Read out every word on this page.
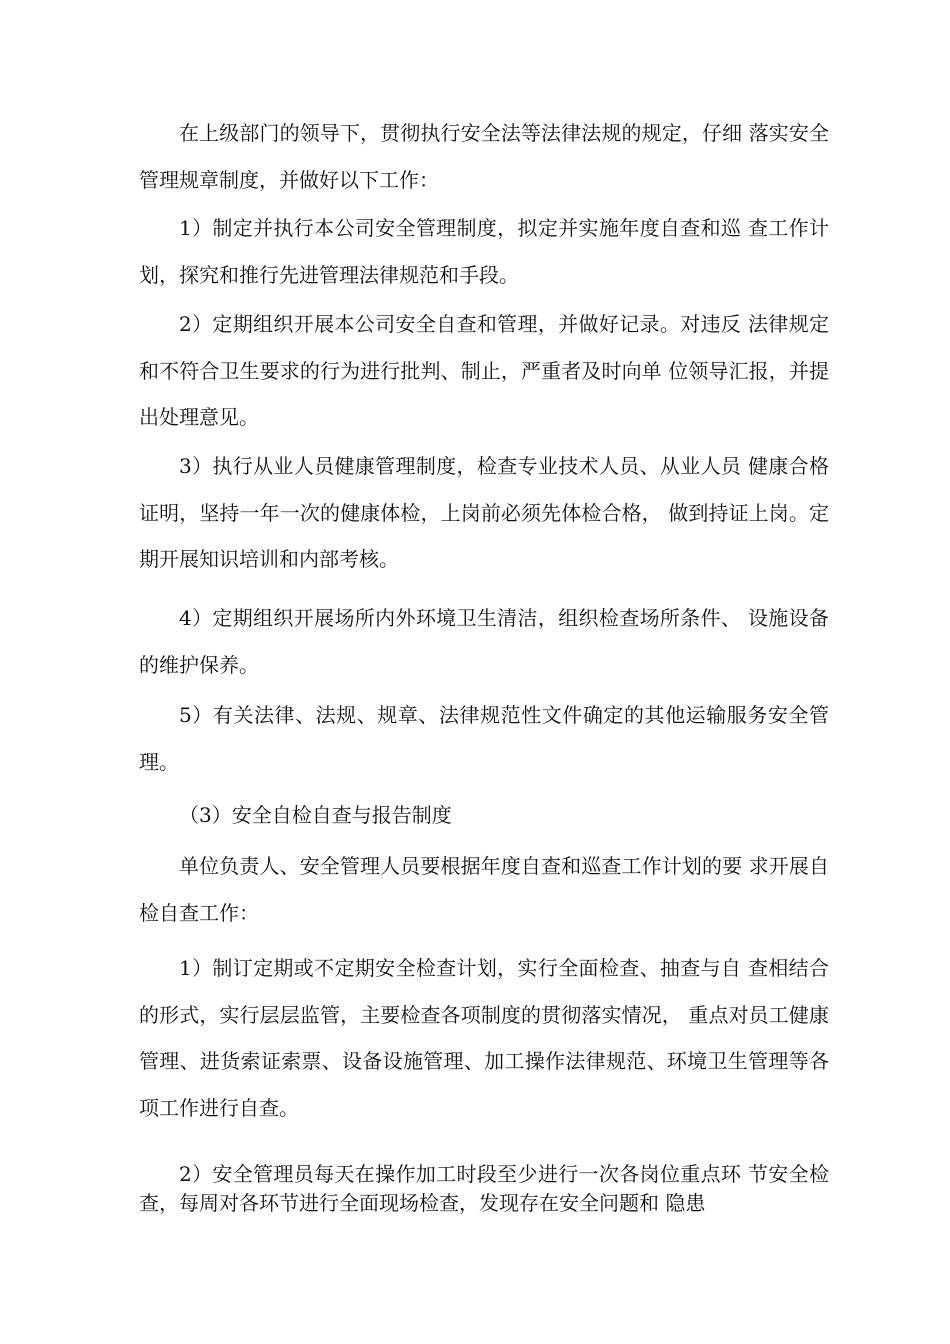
在上级部门的领导下，贯彻执行安全法等法律法规的规定，仔细 落实安全管理规章制度，并做好以下工作：

1）制定并执行本公司安全管理制度，拟定并实施年度自查和巡 查工作计划，探究和推行先进管理法律规范和手段。

2）定期组织开展本公司安全自查和管理，并做好记录。对违反 法律规定和不符合卫生要求的行为进行批判、制止，严重者及时向单 位领导汇报，并提出处理意见。

3）执行从业人员健康管理制度，检查专业技术人员、从业人员 健康合格证明，坚持一年一次的健康体检，上岗前必须先体检合格， 做到持证上岗。定期开展知识培训和内部考核。

4）定期组织开展场所内外环境卫生清洁，组织检查场所条件、 设施设备的维护保养。

5）有关法律、法规、规章、法律规范性文件确定的其他运输服务安全管理。

（3）安全自检自查与报告制度

单位负责人、安全管理人员要根据年度自查和巡查工作计划的要 求开展自检自查工作：

1）制订定期或不定期安全检查计划，实行全面检查、抽查与自 查相结合的形式，实行层层监管，主要检查各项制度的贯彻落实情况， 重点对员工健康管理、进货索证索票、设备设施管理、加工操作法律规范、环境卫生管理等各项工作进行自查。

2）安全管理员每天在操作加工时段至少进行一次各岗位重点环 节安全检查，每周对各环节进行全面现场检查，发现存在安全问题和 隐患
